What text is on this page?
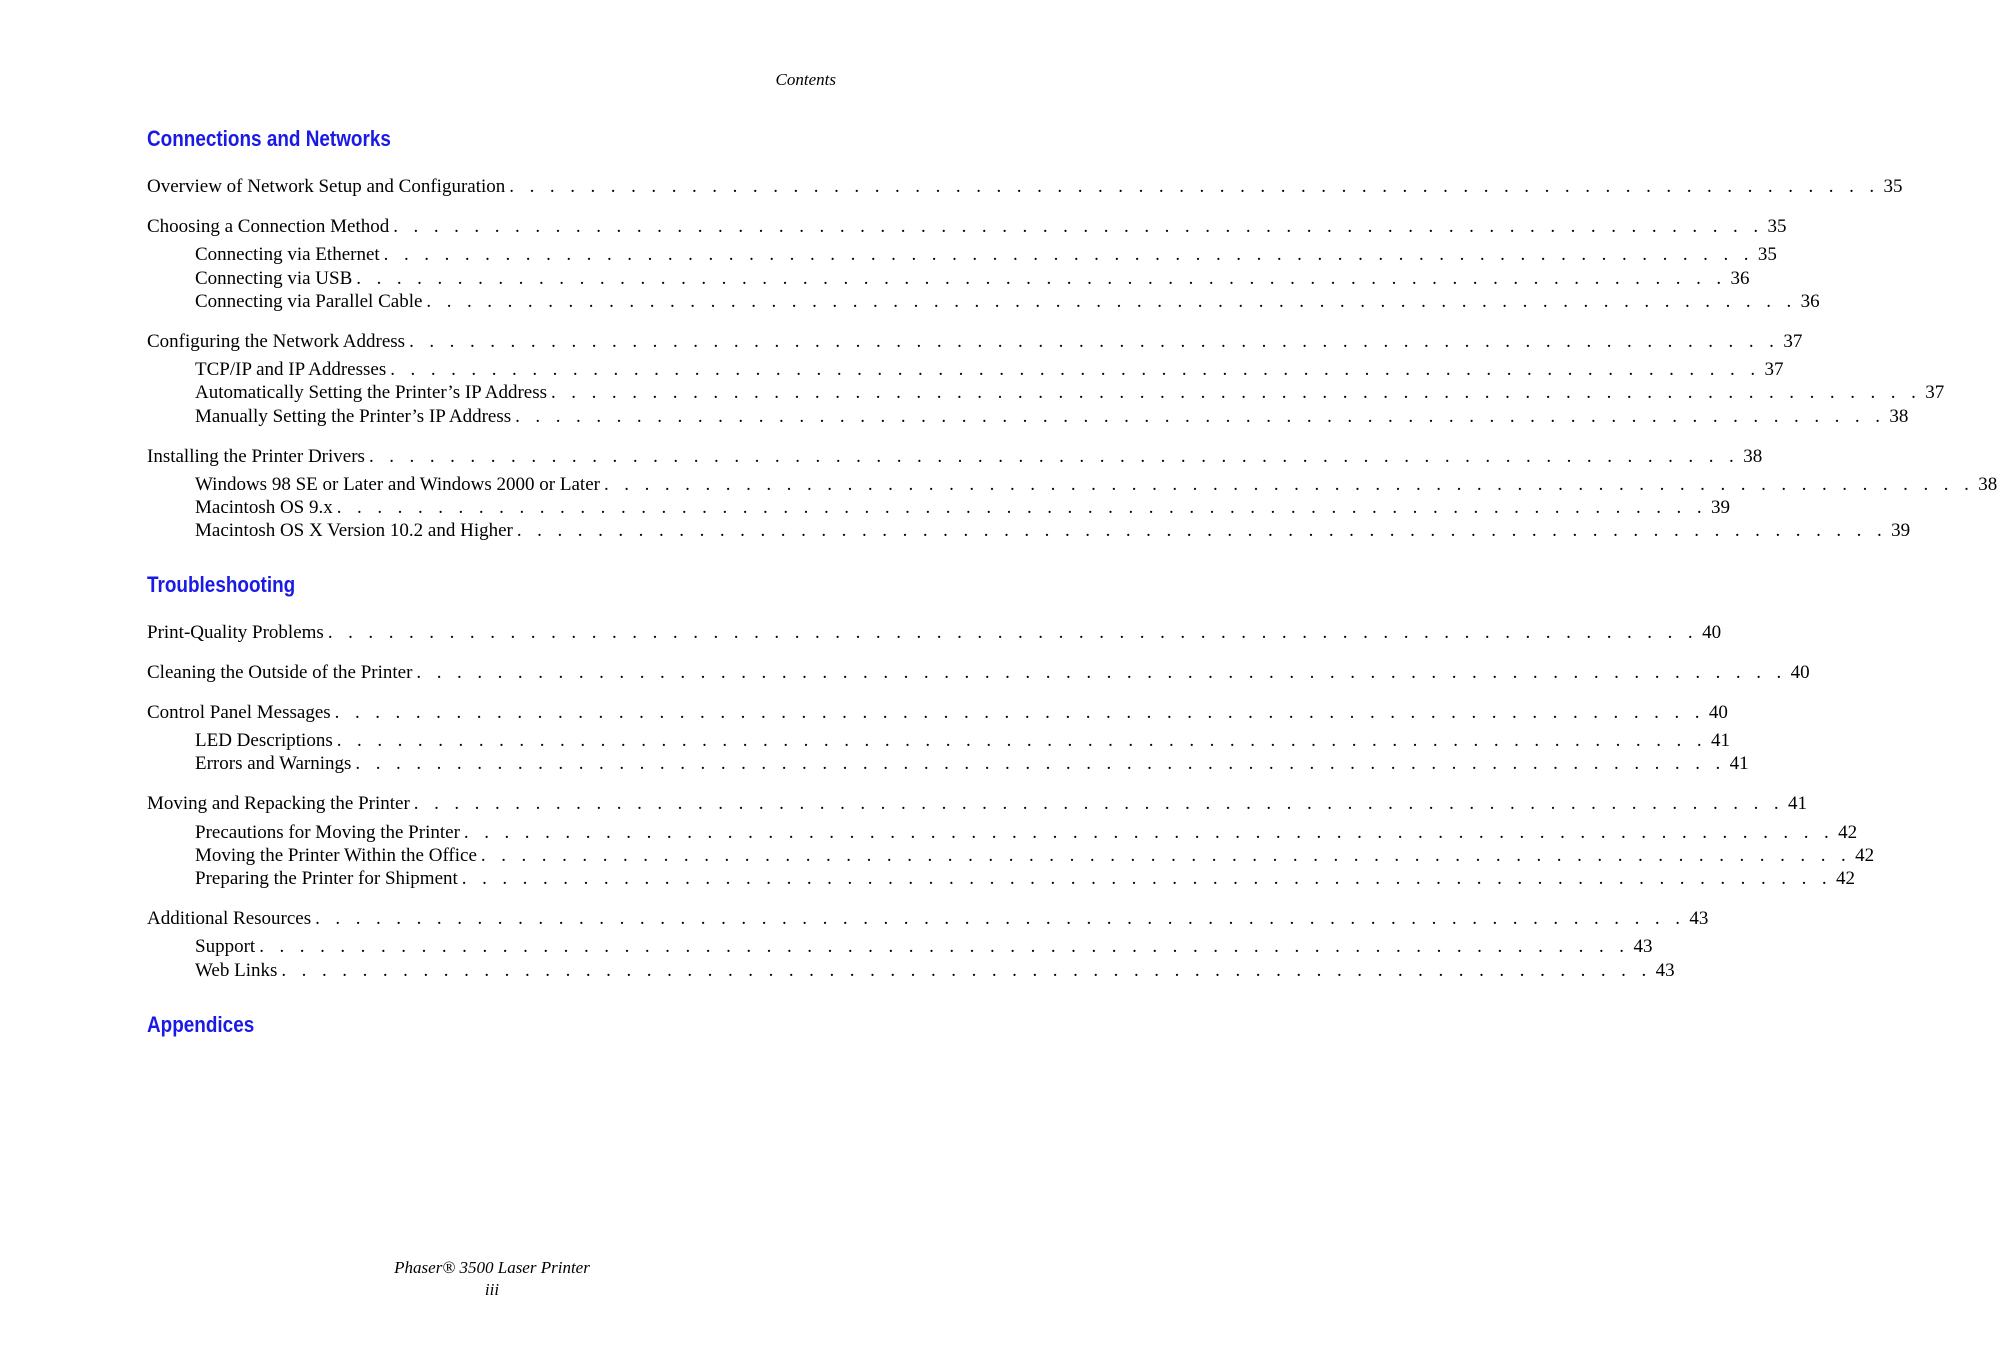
Contents
Connections and Networks
Overview of Network Setup and Configuration . . . . . . . . . . . . . . . . . . . . . . . . . . . . . . . . . . . . . . . . . . . . . . . . . . . . . . . . . . . . . . . . . . . . 35
Choosing a Connection Method . . . . . . . . . . . . . . . . . . . . . . . . . . . . . . . . . . . . . . . . . . . . . . . . . . . . . . . . . . . . . . . . . . . . 35
Connecting via Ethernet . . . . . . . . . . . . . . . . . . . . . . . . . . . . . . . . . . . . . . . . . . . . . . . . . . . . . . . . . . . . . . . . . . . . 35
Connecting via USB . . . . . . . . . . . . . . . . . . . . . . . . . . . . . . . . . . . . . . . . . . . . . . . . . . . . . . . . . . . . . . . . . . . . 36
Connecting via Parallel Cable . . . . . . . . . . . . . . . . . . . . . . . . . . . . . . . . . . . . . . . . . . . . . . . . . . . . . . . . . . . . . . . . . . . . 36
Configuring the Network Address . . . . . . . . . . . . . . . . . . . . . . . . . . . . . . . . . . . . . . . . . . . . . . . . . . . . . . . . . . . . . . . . . . . . 37
TCP/IP and IP Addresses . . . . . . . . . . . . . . . . . . . . . . . . . . . . . . . . . . . . . . . . . . . . . . . . . . . . . . . . . . . . . . . . . . . . 37
Automatically Setting the Printer’s IP Address . . . . . . . . . . . . . . . . . . . . . . . . . . . . . . . . . . . . . . . . . . . . . . . . . . . . . . . . . . . . . . . . . . . . 37
Manually Setting the Printer’s IP Address . . . . . . . . . . . . . . . . . . . . . . . . . . . . . . . . . . . . . . . . . . . . . . . . . . . . . . . . . . . . . . . . . . . . 38
Installing the Printer Drivers . . . . . . . . . . . . . . . . . . . . . . . . . . . . . . . . . . . . . . . . . . . . . . . . . . . . . . . . . . . . . . . . . . . . 38
Windows 98 SE or Later and Windows 2000 or Later . . . . . . . . . . . . . . . . . . . . . . . . . . . . . . . . . . . . . . . . . . . . . . . . . . . . . . . . . . . . . . . . . . . . 38
Macintosh OS 9.x . . . . . . . . . . . . . . . . . . . . . . . . . . . . . . . . . . . . . . . . . . . . . . . . . . . . . . . . . . . . . . . . . . . . 39
Macintosh OS X Version 10.2 and Higher . . . . . . . . . . . . . . . . . . . . . . . . . . . . . . . . . . . . . . . . . . . . . . . . . . . . . . . . . . . . . . . . . . . . 39
Troubleshooting
Print-Quality Problems . . . . . . . . . . . . . . . . . . . . . . . . . . . . . . . . . . . . . . . . . . . . . . . . . . . . . . . . . . . . . . . . . . . . 40
Cleaning the Outside of the Printer . . . . . . . . . . . . . . . . . . . . . . . . . . . . . . . . . . . . . . . . . . . . . . . . . . . . . . . . . . . . . . . . . . . . 40
Control Panel Messages . . . . . . . . . . . . . . . . . . . . . . . . . . . . . . . . . . . . . . . . . . . . . . . . . . . . . . . . . . . . . . . . . . . . 40
LED Descriptions . . . . . . . . . . . . . . . . . . . . . . . . . . . . . . . . . . . . . . . . . . . . . . . . . . . . . . . . . . . . . . . . . . . . 41
Errors and Warnings . . . . . . . . . . . . . . . . . . . . . . . . . . . . . . . . . . . . . . . . . . . . . . . . . . . . . . . . . . . . . . . . . . . . 41
Moving and Repacking the Printer . . . . . . . . . . . . . . . . . . . . . . . . . . . . . . . . . . . . . . . . . . . . . . . . . . . . . . . . . . . . . . . . . . . . 41
Precautions for Moving the Printer . . . . . . . . . . . . . . . . . . . . . . . . . . . . . . . . . . . . . . . . . . . . . . . . . . . . . . . . . . . . . . . . . . . . 42
Moving the Printer Within the Office . . . . . . . . . . . . . . . . . . . . . . . . . . . . . . . . . . . . . . . . . . . . . . . . . . . . . . . . . . . . . . . . . . . . 42
Preparing the Printer for Shipment . . . . . . . . . . . . . . . . . . . . . . . . . . . . . . . . . . . . . . . . . . . . . . . . . . . . . . . . . . . . . . . . . . . . 42
Additional Resources . . . . . . . . . . . . . . . . . . . . . . . . . . . . . . . . . . . . . . . . . . . . . . . . . . . . . . . . . . . . . . . . . . . . 43
Support . . . . . . . . . . . . . . . . . . . . . . . . . . . . . . . . . . . . . . . . . . . . . . . . . . . . . . . . . . . . . . . . . . . . 43
Web Links . . . . . . . . . . . . . . . . . . . . . . . . . . . . . . . . . . . . . . . . . . . . . . . . . . . . . . . . . . . . . . . . . . . . 43
Appendices
Phaser® 3500 Laser Printer
iii
